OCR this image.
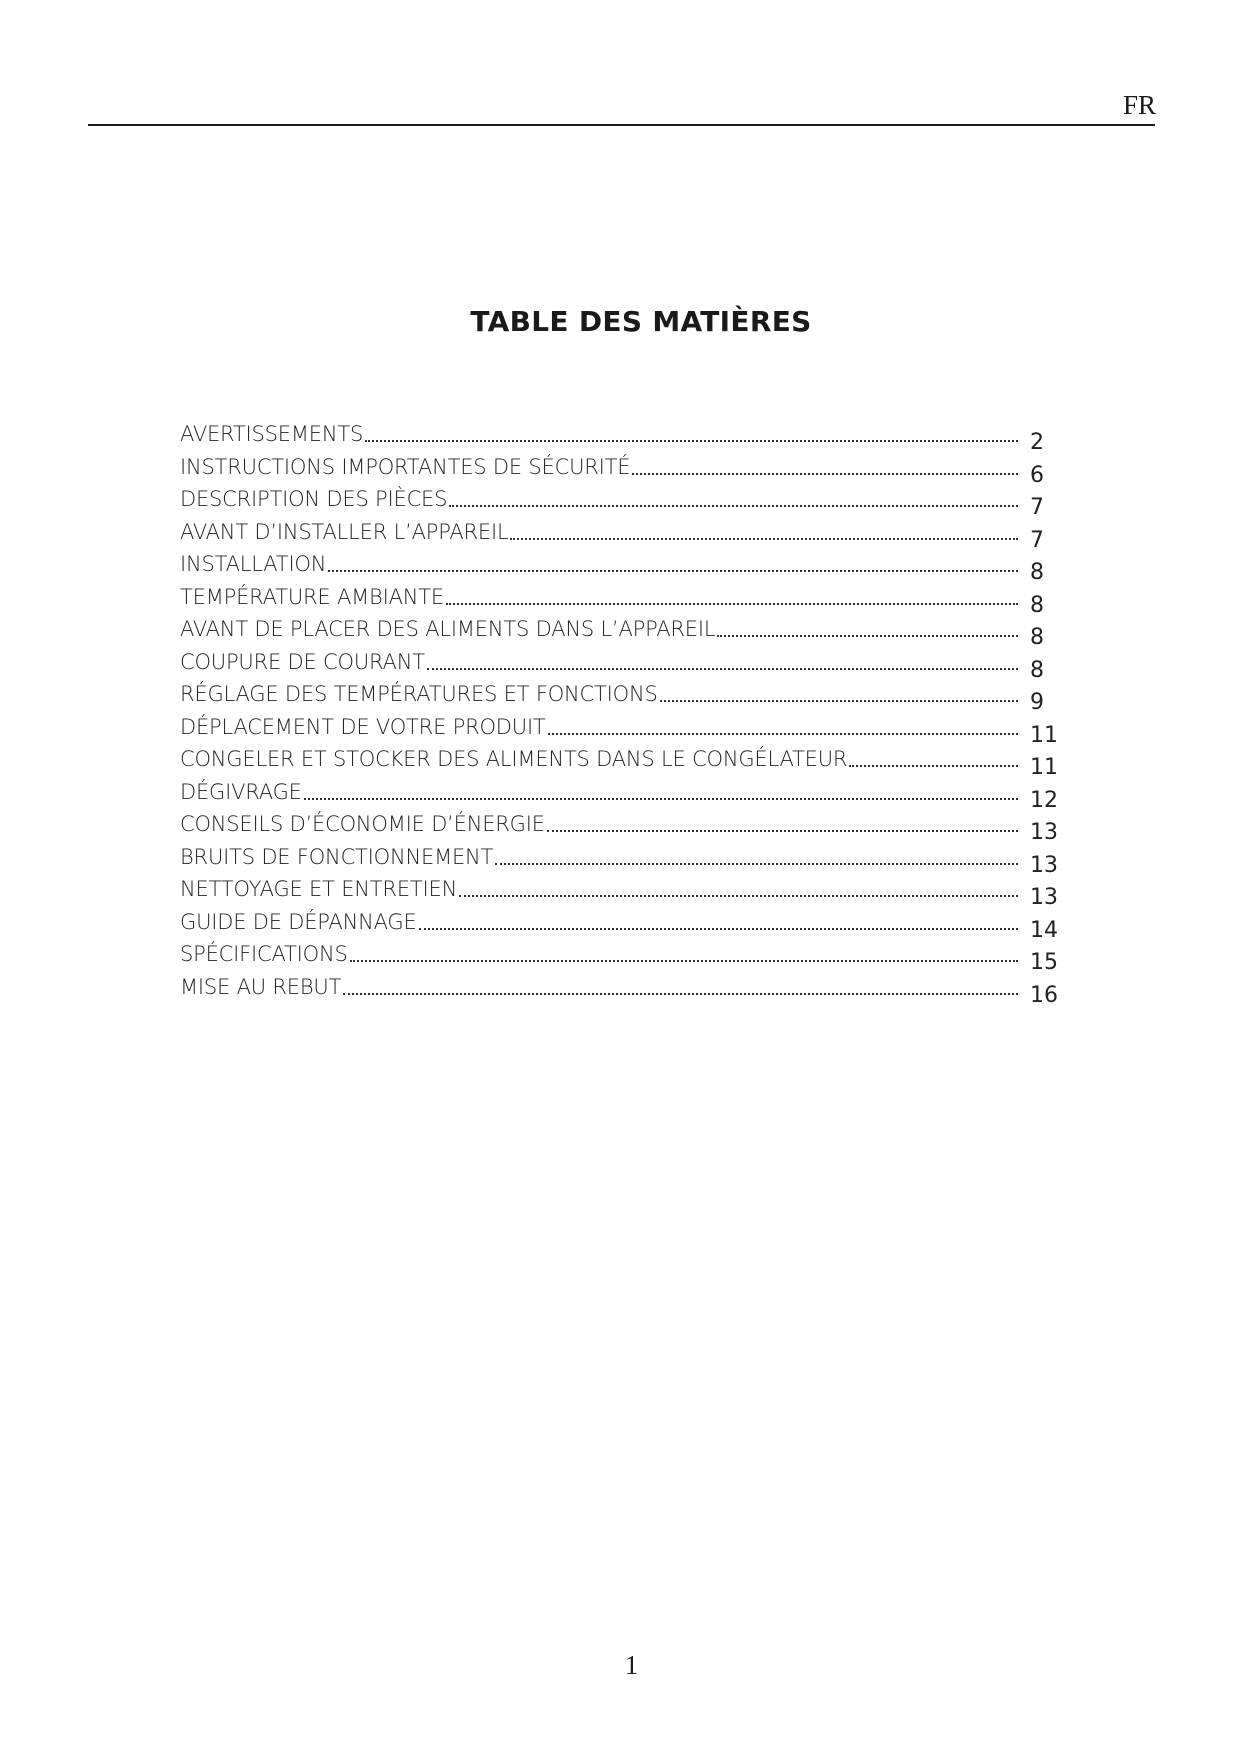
FR
TABLE DES MATIÈRES
AVERTISSEMENTS	2
INSTRUCTIONS IMPORTANTES DE SÉCURITÉ	6
DESCRIPTION DES PIÈCES	7
AVANT D’INSTALLER L’APPAREIL	7
INSTALLATION	8
TEMPÉRATURE AMBIANTE	8
AVANT DE PLACER DES ALIMENTS DANS L’APPAREIL	8
COUPURE DE COURANT	8
RÉGLAGE DES TEMPÉRATURES ET FONCTIONS	9
DÉPLACEMENT DE VOTRE PRODUIT	11
CONGELER ET STOCKER DES ALIMENTS DANS LE CONGÉLATEUR	11
DÉGIVRAGE	12
CONSEILS D’ÉCONOMIE D’ÉNERGIE	13
BRUITS DE FONCTIONNEMENT	13
NETTOYAGE ET ENTRETIEN	13
GUIDE DE DÉPANNAGE	14
SPÉCIFICATIONS	15
MISE AU REBUT	16
1
